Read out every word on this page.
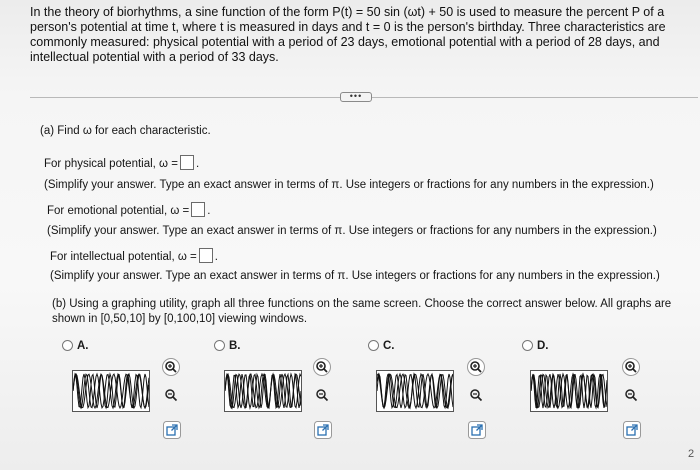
In the theory of biorhythms, a sine function of the form P(t) = 50 sin (ωt) + 50 is used to measure the percent P of a person's potential at time t, where t is measured in days and t = 0 is the person's birthday. Three characteristics are commonly measured: physical potential with a period of 23 days, emotional potential with a period of 28 days, and intellectual potential with a period of 33 days.
•••
(a) Find ω for each characteristic.
For physical potential, ω = .
(Simplify your answer. Type an exact answer in terms of π. Use integers or fractions for any numbers in the expression.)
For emotional potential, ω = .
(Simplify your answer. Type an exact answer in terms of π. Use integers or fractions for any numbers in the expression.)
For intellectual potential, ω = .
(Simplify your answer. Type an exact answer in terms of π. Use integers or fractions for any numbers in the expression.)
(b) Using a graphing utility, graph all three functions on the same screen. Choose the correct answer below. All graphs are shown in [0,50,10] by [0,100,10] viewing windows.
A.	B.	C.	D.
2
